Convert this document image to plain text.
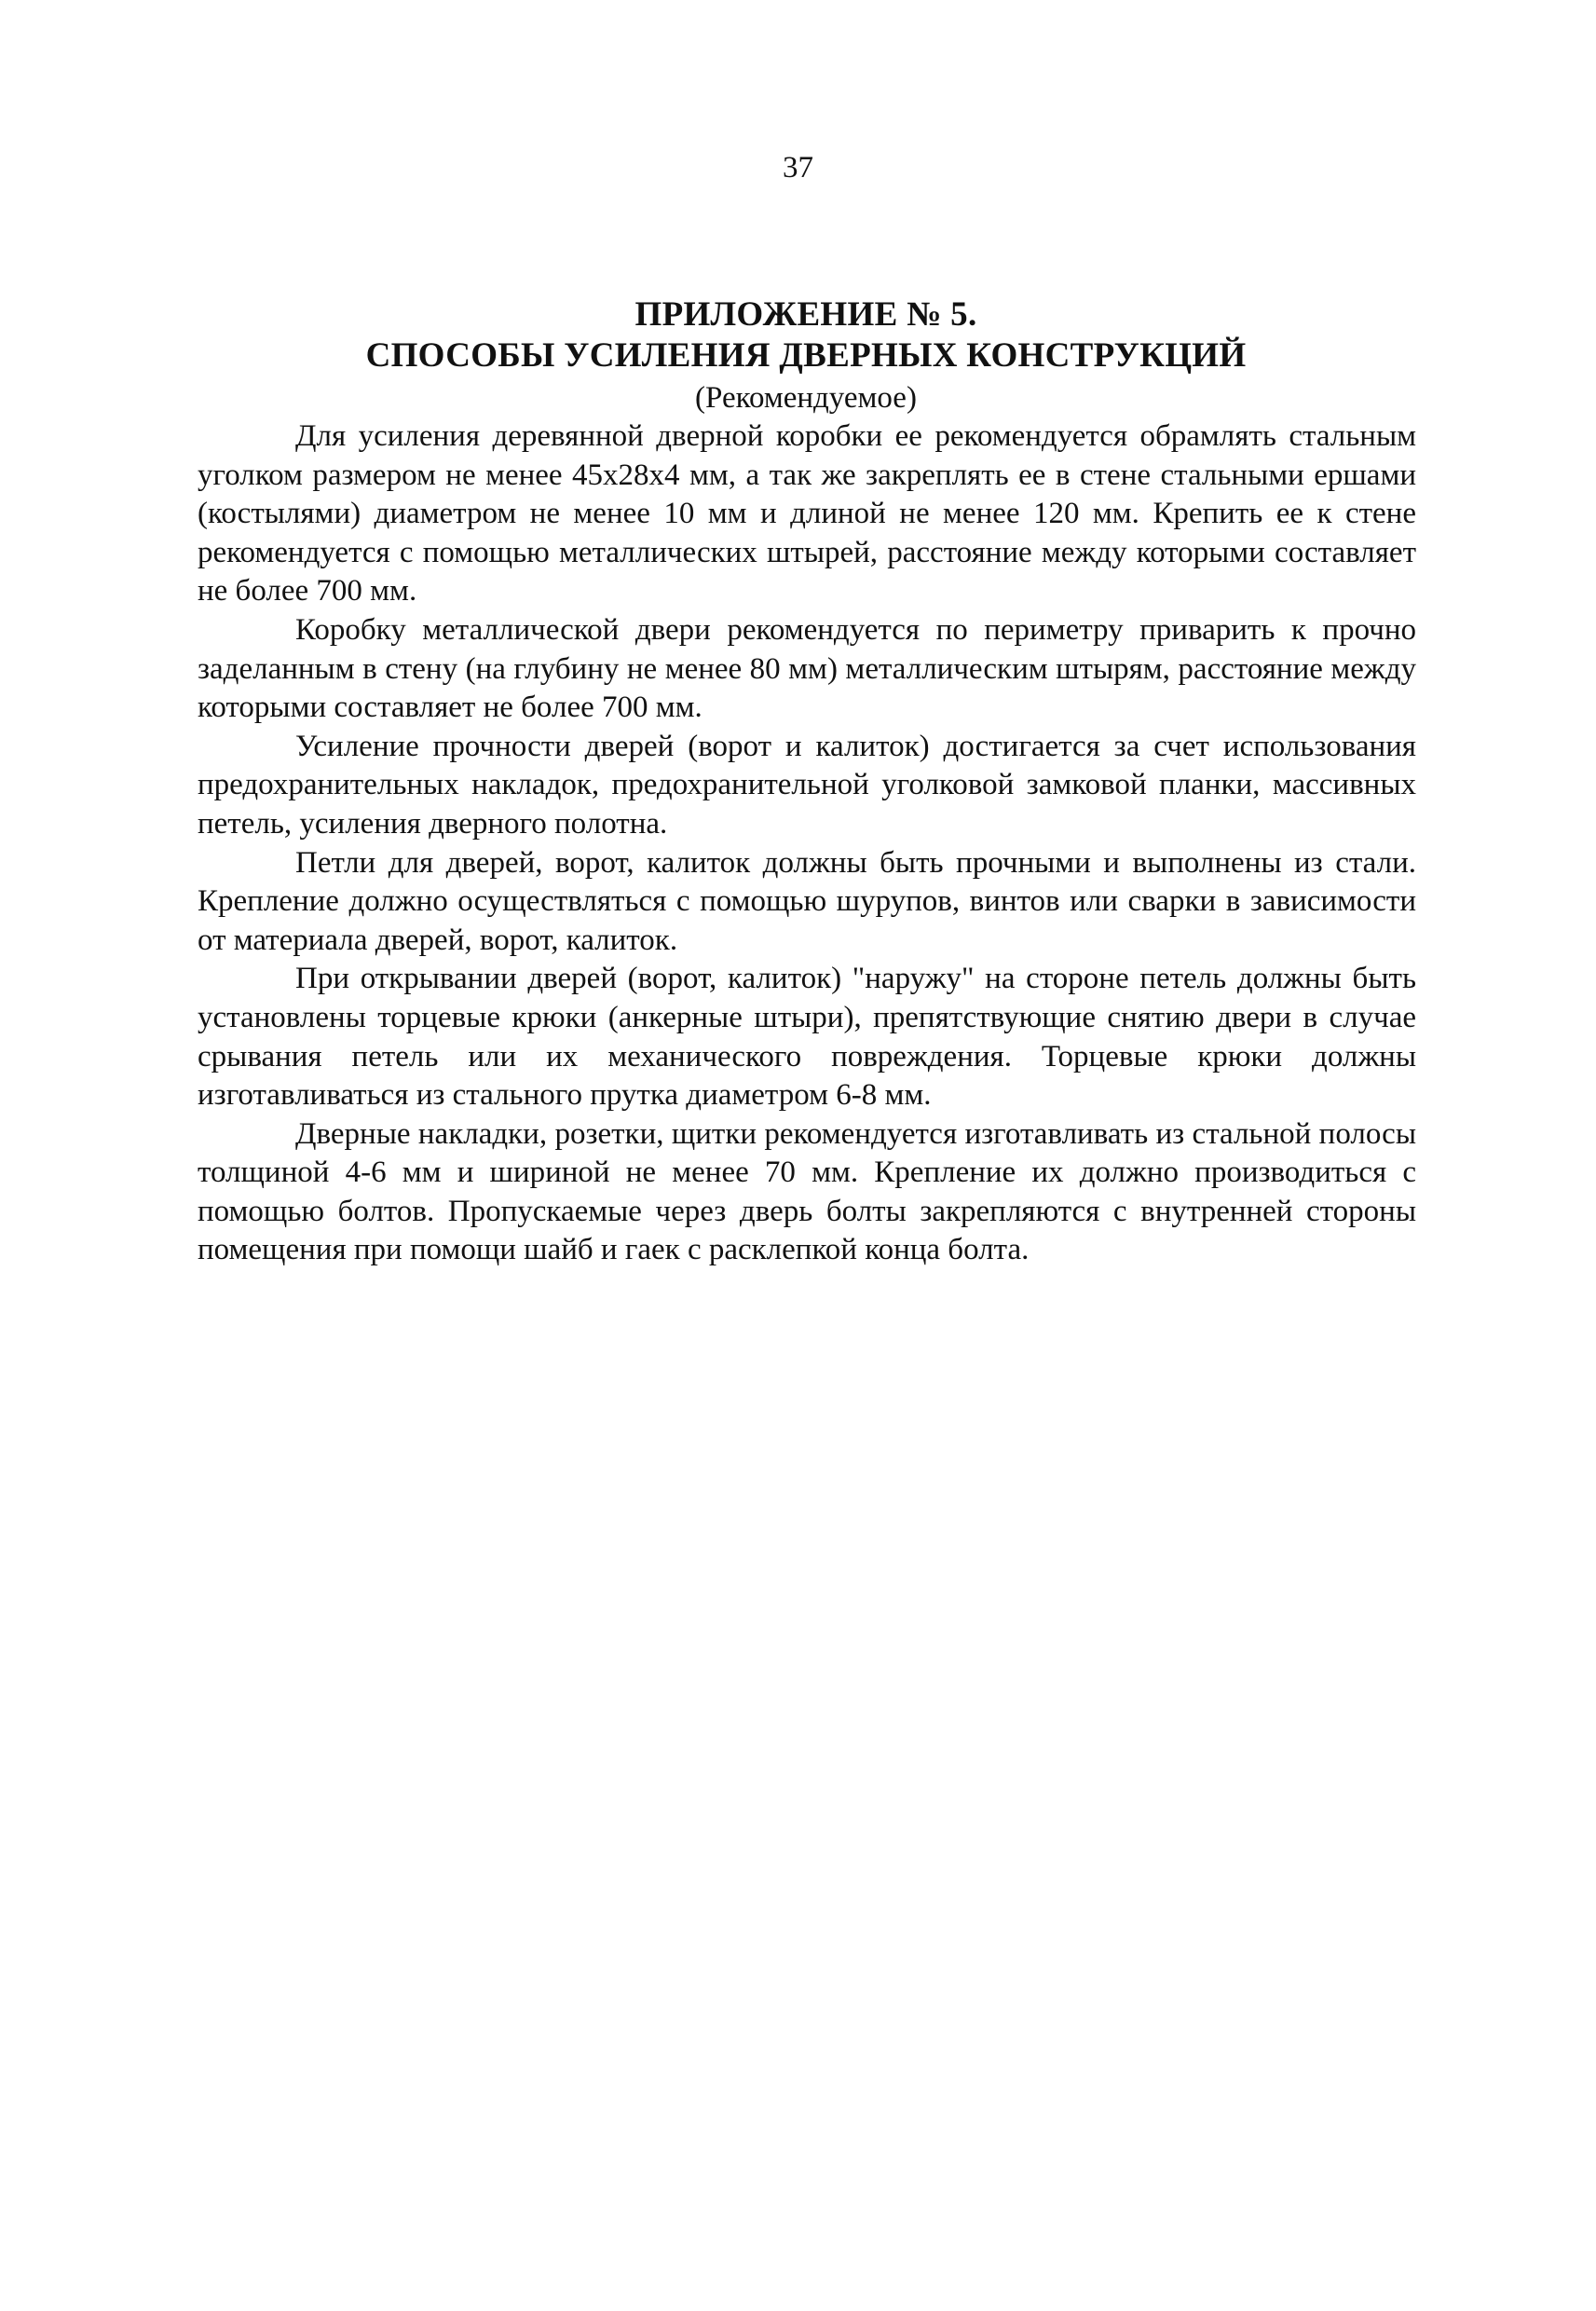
37
ПРИЛОЖЕНИЕ № 5.
СПОСОБЫ УСИЛЕНИЯ ДВЕРНЫХ КОНСТРУКЦИЙ
(Рекомендуемое)

Для усиления деревянной дверной коробки ее рекомендуется обрамлять стальным уголком размером не менее 45x28x4 мм, а так же закреплять ее в стене стальными ершами (костылями) диаметром не менее 10 мм и длиной не менее 120 мм. Крепить ее к стене рекомендуется с помощью металлических штырей, расстояние между которыми составляет не более 700 мм.

Коробку металлической двери рекомендуется по периметру приварить к прочно заделанным в стену (на глубину не менее 80 мм) металлическим штырям, расстояние между которыми составляет не более 700 мм.

Усиление прочности дверей (ворот и калиток) достигается за счет использования предохранительных накладок, предохранительной уголковой замковой планки, массивных петель, усиления дверного полотна.

Петли для дверей, ворот, калиток должны быть прочными и выполнены из стали. Крепление должно осуществляться с помощью шурупов, винтов или сварки в зависимости от материала дверей, ворот, калиток.

При открывании дверей (ворот, калиток) "наружу" на стороне петель должны быть установлены торцевые крюки (анкерные штыри), препятствующие снятию двери в случае срывания петель или их механического повреждения. Торцевые крюки должны изготавливаться из стального прутка диаметром 6-8 мм.

Дверные накладки, розетки, щитки рекомендуется изготавливать из стальной полосы толщиной 4-6 мм и шириной не менее 70 мм. Крепление их должно производиться с помощью болтов. Пропускаемые через дверь болты закрепляются с внутренней стороны помещения при помощи шайб и гаек с расклепкой конца болта.
